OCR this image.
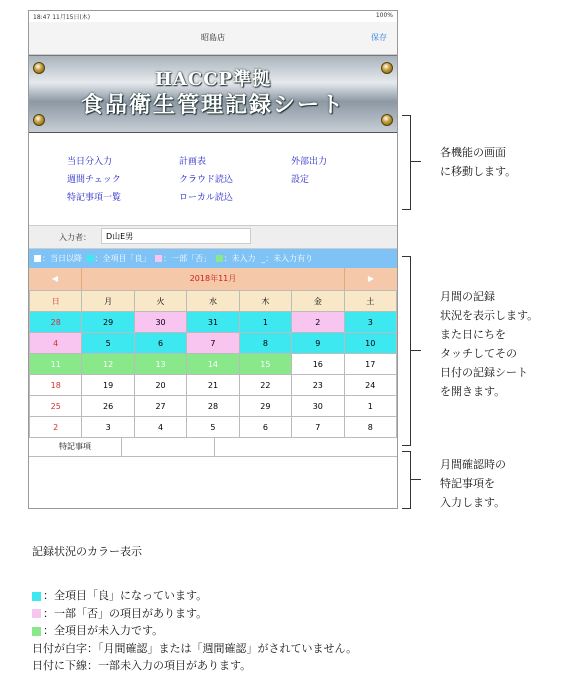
18:47 11月15日(木)	100%
昭島店	保存
HACCP準拠
食品衛生管理記録シート
当日分入力
週間チェック
特記事項一覧
計画表
クラウド読込
ローカル読込
外部出力
設定
入力者：	D山E男
：当日以降 ：全項目「良」 ：一部「否」 ：未入力 _：未入力有り
◀	2018年11月	▶
日	月	火	水	木	金	土
28	29	30	31	1	2	3
4	5	6	7	8	9	10
11	12	13	14	15	16	17
18	19	20	21	22	23	24
25	26	27	28	29	30	1
2	3	4	5	6	7	8
特記事項
各機能の画面
に移動します。
月間の記録
状況を表示します。
また日にちを
タッチしてその
日付の記録シート
を開きます。
月間確認時の
特記事項を
入力します。
記録状況のカラー表示
：全項目「良」になっています。
：一部「否」の項目があります。
：全項目が未入力です。
日付が白字：「月間確認」または「週間確認」がされていません。
日付に下線：一部未入力の項目があります。
